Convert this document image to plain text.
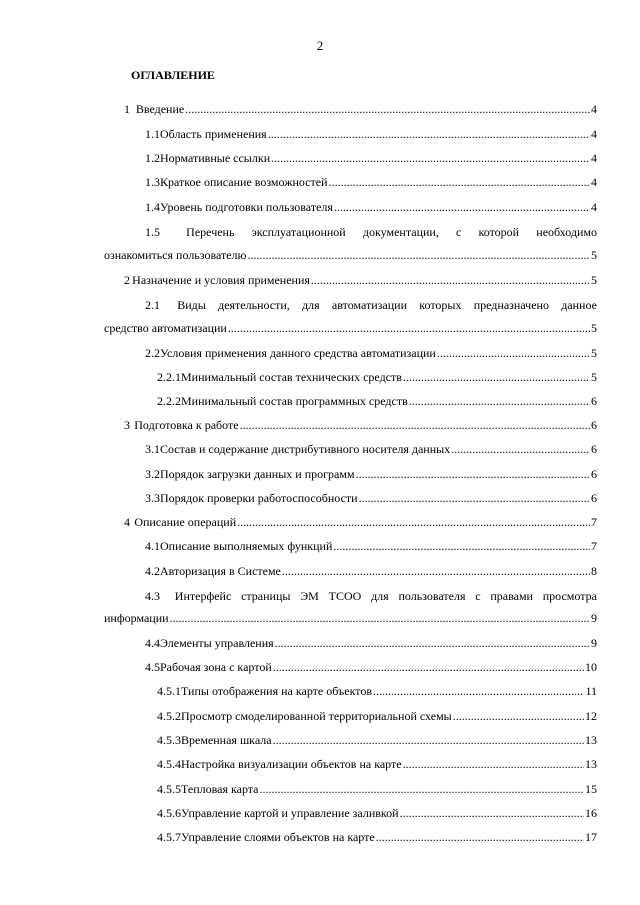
2
ОГЛАВЛЕНИЕ
1 Введение .....	4
1.1 Область применения .....	4
1.2 Нормативные ссылки .....	4
1.3 Краткое описание возможностей .....	4
1.4 Уровень подготовки пользователя .....	4
1.5	Перечень эксплуатационной документации, с которой необходимо
ознакомиться пользователю .....	5
2 Назначение и условия применения .....	5
2.1	Виды деятельности, для автоматизации которых предназначено данное
средство автоматизации .....	5
2.2 Условия применения данного средства автоматизации .....	5
2.2.1 Минимальный состав технических средств .....	5
2.2.2 Минимальный состав программных средств .....	6
3 Подготовка к работе .....	6
3.1 Состав и содержание дистрибутивного носителя данных .....	6
3.2 Порядок загрузки данных и программ .....	6
3.3 Порядок проверки работоспособности .....	6
4 Описание операций .....	7
4.1 Описание выполняемых функций .....	7
4.2 Авторизация в Системе .....	8
4.3	Интерфейс страницы ЭМ ТСОО для пользователя с правами просмотра
информации .....	9
4.4 Элементы управления .....	9
4.5 Рабочая зона с картой .....	10
4.5.1 Типы отображения на карте объектов .....	11
4.5.2 Просмотр смоделированной территориальной схемы .....	12
4.5.3 Временная шкала .....	13
4.5.4 Настройка визуализации объектов на карте .....	13
4.5.5 Тепловая карта .....	15
4.5.6 Управление картой и управление заливкой .....	16
4.5.7 Управление слоями объектов на карте .....	17
